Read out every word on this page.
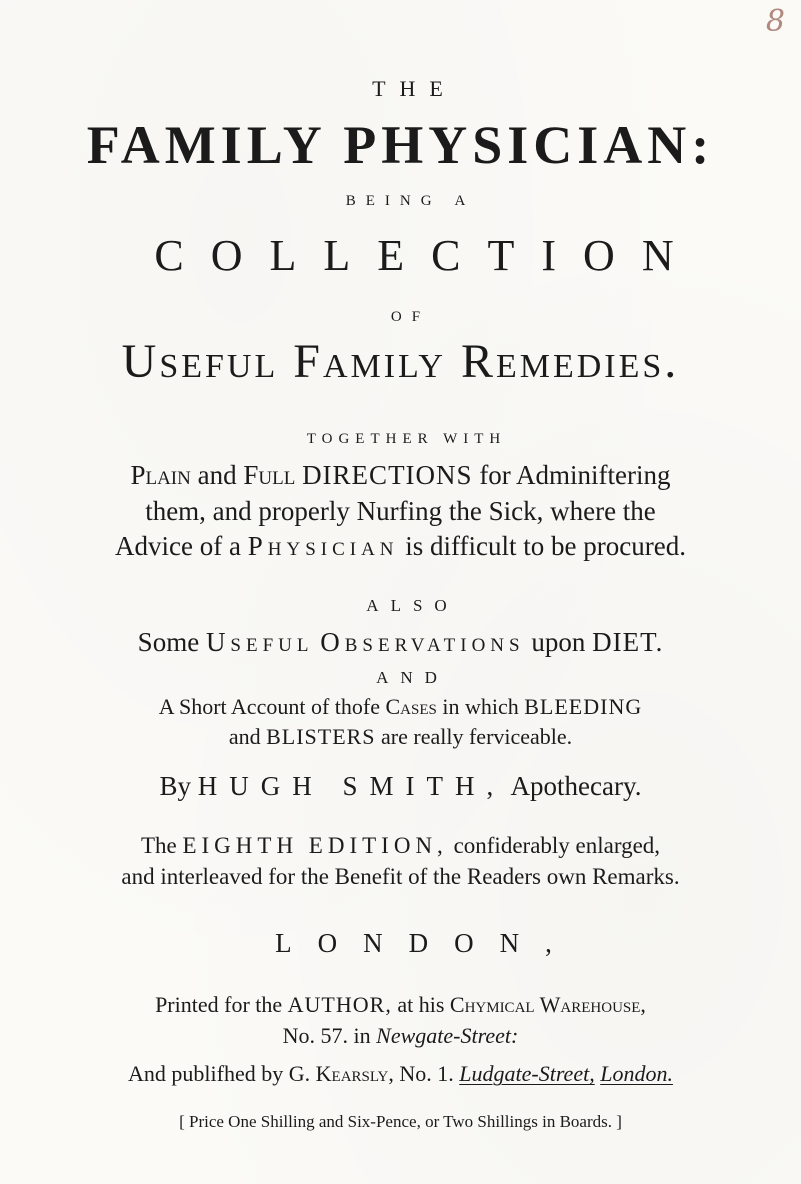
8
THE
FAMILY PHYSICIAN:
BEING A
COLLECTION
OF
Useful Family Remedies.
TOGETHER WITH
Plain and Full DIRECTIONS for Adminiftering
them, and properly Nurfing the Sick, where the
Advice of a Physician is difficult to be procured.
ALSO
Some Useful Observations upon DIET.
AND
A Short Account of thofe Cases in which BLEEDING
and BLISTERS are really ferviceable.
By HUGH SMITH, Apothecary.
The EIGHTH EDITION, confiderably enlarged,
and interleaved for the Benefit of the Readers own Remarks.
LONDON,
Printed for the AUTHOR, at his Chymical Warehouse,
No. 57. in Newgate-Street:
And publifhed by G. Kearsly, No. 1. Ludgate-Street, London.
[ Price One Shilling and Six-Pence, or Two Shillings in Boards. ]
